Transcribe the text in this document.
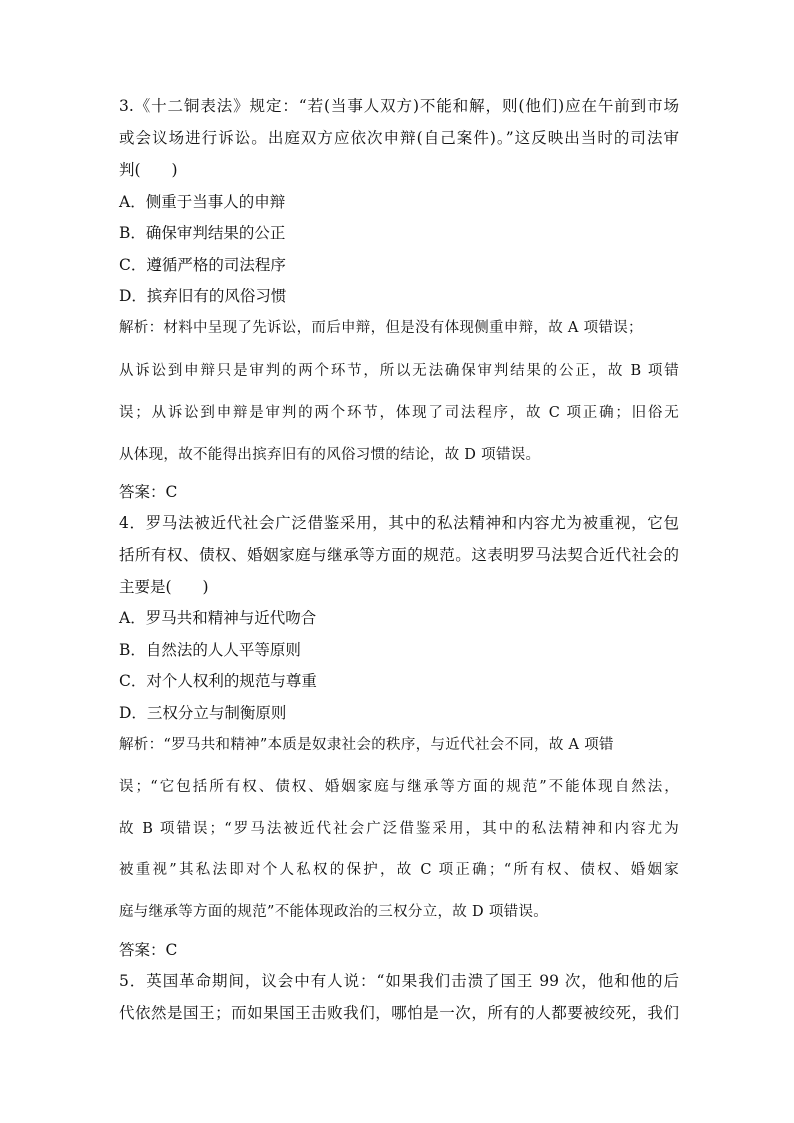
3.《十二铜表法》规定：“若(当事人双方)不能和解，则(他们)应在午前到市场
或会议场进行诉讼。出庭双方应依次申辩(自己案件)。”这反映出当时的司法审
判(　　)
A．侧重于当事人的申辩
B．确保审判结果的公正
C．遵循严格的司法程序
D．摈弃旧有的风俗习惯
解析：材料中呈现了先诉讼，而后申辩，但是没有体现侧重申辩，故 A 项错误；
从诉讼到申辩只是审判的两个环节，所以无法确保审判结果的公正，故 B 项错
误；从诉讼到申辩是审判的两个环节，体现了司法程序，故 C 项正确；旧俗无
从体现，故不能得出摈弃旧有的风俗习惯的结论，故 D 项错误。
答案：C
4．罗马法被近代社会广泛借鉴采用，其中的私法精神和内容尤为被重视，它包
括所有权、债权、婚姻家庭与继承等方面的规范。这表明罗马法契合近代社会的
主要是(　　)
A．罗马共和精神与近代吻合
B．自然法的人人平等原则
C．对个人权利的规范与尊重
D．三权分立与制衡原则
解析：“罗马共和精神”本质是奴隶社会的秩序，与近代社会不同，故 A 项错
误；“它包括所有权、债权、婚姻家庭与继承等方面的规范”不能体现自然法，
故 B 项错误；“罗马法被近代社会广泛借鉴采用，其中的私法精神和内容尤为
被重视”其私法即对个人私权的保护，故 C 项正确；“所有权、债权、婚姻家
庭与继承等方面的规范”不能体现政治的三权分立，故 D 项错误。
答案：C
5．英国革命期间，议会中有人说：“如果我们击溃了国王 99 次，他和他的后
代依然是国王；而如果国王击败我们，哪怕是一次，所有的人都要被绞死，我们
